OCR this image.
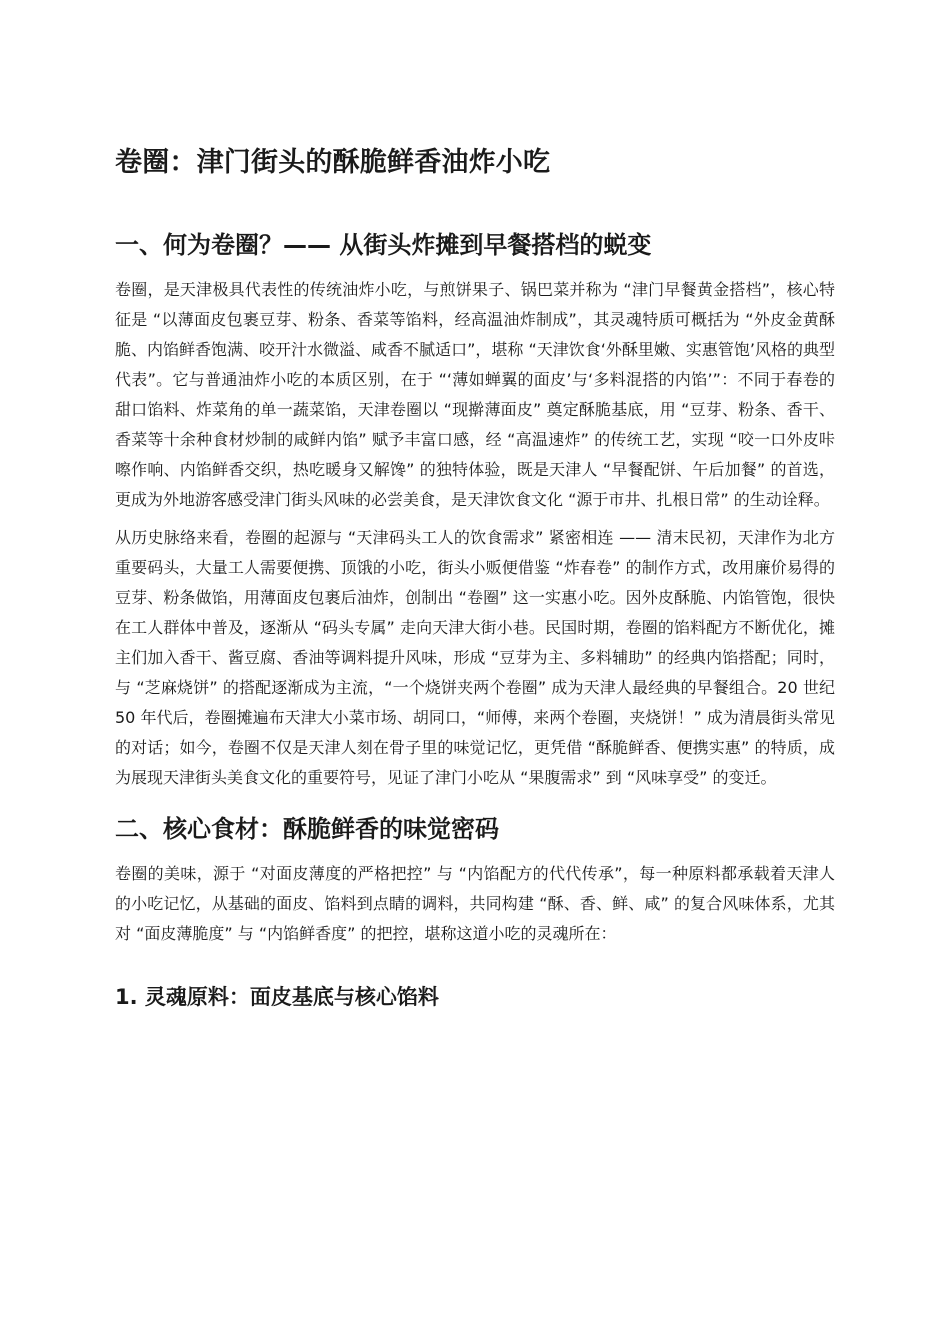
卷圈：津门街头的酥脆鲜香油炸小吃
一、何为卷圈？—— 从街头炸摊到早餐搭档的蜕变

卷圈，是天津极具代表性的传统油炸小吃，与煎饼果子、锅巴菜并称为 “津门早餐黄金搭档”，核心特征是 “以薄面皮包裹豆芽、粉条、香菜等馅料，经高温油炸制成”，其灵魂特质可概括为 “外皮金黄酥脆、内馅鲜香饱满、咬开汁水微溢、咸香不腻适口”，堪称 “天津饮食‘外酥里嫩、实惠管饱’风格的典型代表”。它与普通油炸小吃的本质区别，在于 “‘薄如蝉翼的面皮’与‘多料混搭的内馅’”：不同于春卷的甜口馅料、炸菜角的单一蔬菜馅，天津卷圈以 “现擀薄面皮” 奠定酥脆基底，用 “豆芽、粉条、香干、香菜等十余种食材炒制的咸鲜内馅” 赋予丰富口感，经 “高温速炸” 的传统工艺，实现 “咬一口外皮咔嚓作响、内馅鲜香交织，热吃暖身又解馋” 的独特体验，既是天津人 “早餐配饼、午后加餐” 的首选，更成为外地游客感受津门街头风味的必尝美食，是天津饮食文化 “源于市井、扎根日常” 的生动诠释。

从历史脉络来看，卷圈的起源与 “天津码头工人的饮食需求” 紧密相连 —— 清末民初，天津作为北方重要码头，大量工人需要便携、顶饿的小吃，街头小贩便借鉴 “炸春卷” 的制作方式，改用廉价易得的豆芽、粉条做馅，用薄面皮包裹后油炸，创制出 “卷圈” 这一实惠小吃。因外皮酥脆、内馅管饱，很快在工人群体中普及，逐渐从 “码头专属” 走向天津大街小巷。民国时期，卷圈的馅料配方不断优化，摊主们加入香干、酱豆腐、香油等调料提升风味，形成 “豆芽为主、多料辅助” 的经典内馅搭配；同时，与 “芝麻烧饼” 的搭配逐渐成为主流，“一个烧饼夹两个卷圈” 成为天津人最经典的早餐组合。20 世纪 50 年代后，卷圈摊遍布天津大小菜市场、胡同口，“师傅，来两个卷圈，夹烧饼！” 成为清晨街头常见的对话；如今，卷圈不仅是天津人刻在骨子里的味觉记忆，更凭借 “酥脆鲜香、便携实惠” 的特质，成为展现天津街头美食文化的重要符号，见证了津门小吃从 “果腹需求” 到 “风味享受” 的变迁。

二、核心食材：酥脆鲜香的味觉密码

卷圈的美味，源于 “对面皮薄度的严格把控” 与 “内馅配方的代代传承”，每一种原料都承载着天津人的小吃记忆，从基础的面皮、馅料到点睛的调料，共同构建 “酥、香、鲜、咸” 的复合风味体系，尤其对 “面皮薄脆度” 与 “内馅鲜香度” 的把控，堪称这道小吃的灵魂所在：

1. 灵魂原料：面皮基底与核心馅料
